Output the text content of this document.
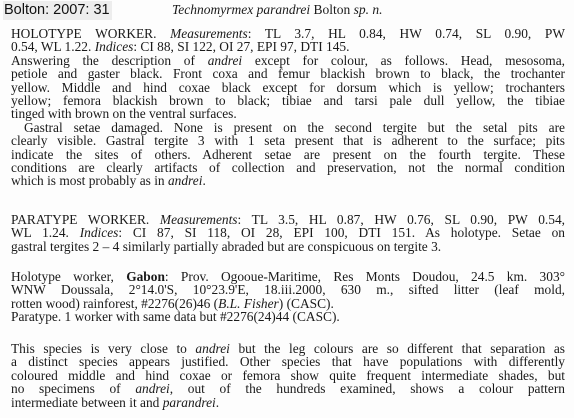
Bolton: 2007: 31	Technomyrmex parandrei Bolton sp. n.
HOLOTYPE WORKER. Measurements: TL 3.7, HL 0.84, HW 0.74, SL 0.90, PW
0.54, WL 1.22. Indices: CI 88, SI 122, OI 27, EPI 97, DTI 145.
Answering the description of andrei except for colour, as follows. Head, mesosoma,
petiole and gaster black. Front coxa and femur blackish brown to black, the trochanter
yellow. Middle and hind coxae black except for dorsum which is yellow; trochanters
yellow; femora blackish brown to black; tibiae and tarsi pale dull yellow, the tibiae
tinged with brown on the ventral surfaces.
Gastral setae damaged. None is present on the second tergite but the setal pits are
clearly visible. Gastral tergite 3 with 1 seta present that is adherent to the surface; pits
indicate the sites of others. Adherent setae are present on the fourth tergite. These
conditions are clearly artifacts of collection and preservation, not the normal condition
which is most probably as in andrei.
PARATYPE WORKER. Measurements: TL 3.5, HL 0.87, HW 0.76, SL 0.90, PW 0.54,
WL 1.24. Indices: CI 87, SI 118, OI 28, EPI 100, DTI 151. As holotype. Setae on
gastral tergites 2 – 4 similarly partially abraded but are conspicuous on tergite 3.
Holotype worker, Gabon: Prov. Ogooue-Maritime, Res Monts Doudou, 24.5 km. 303°
WNW Doussala, 2°14.0'S, 10°23.9'E, 18.iii.2000, 630 m., sifted litter (leaf mold,
rotten wood) rainforest, #2276(26)46 (B.L. Fisher) (CASC).
Paratype. 1 worker with same data but #2276(24)44 (CASC).
This species is very close to andrei but the leg colours are so different that separation as
a distinct species appears justified. Other species that have populations with differently
coloured middle and hind coxae or femora show quite frequent intermediate shades, but
no specimens of andrei, out of the hundreds examined, shows a colour pattern
intermediate between it and parandrei.
